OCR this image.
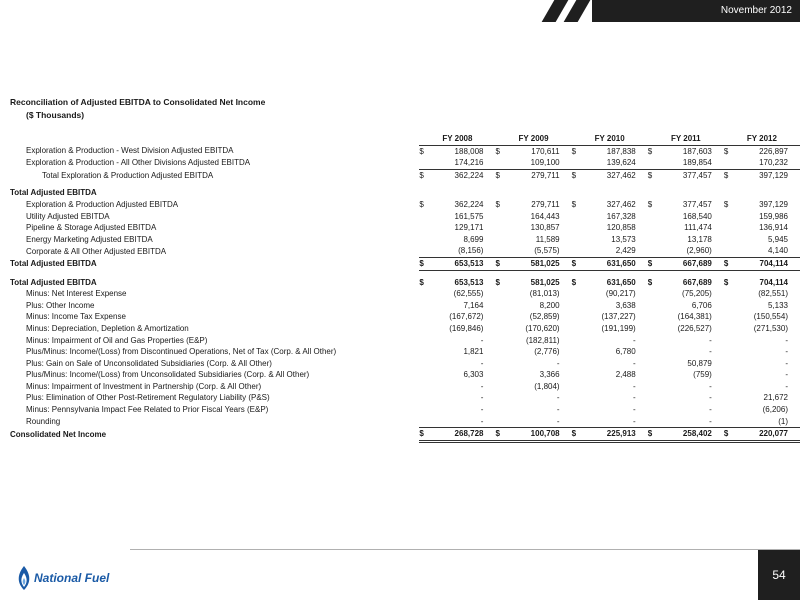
November 2012
Reconciliation of Adjusted EBITDA to Consolidated Net Income
($ Thousands)
	FY 2008		FY 2009		FY 2010		FY 2011		FY 2012	
Exploration & Production - West Division Adjusted EBITDA	$	188,008	$	170,611	$	187,838	$	187,603	$	226,897
Exploration & Production - All Other Divisions Adjusted EBITDA		174,216		109,100		139,624		189,854		170,232
Total Exploration & Production Adjusted EBITDA	$	362,224	$	279,711	$	327,462	$	377,457	$	397,129

Total Adjusted EBITDA										
Exploration & Production Adjusted EBITDA	$	362,224	$	279,711	$	327,462	$	377,457	$	397,129
Utility Adjusted EBITDA		161,575		164,443		167,328		168,540		159,986
Pipeline & Storage Adjusted EBITDA		129,171		130,857		120,858		111,474		136,914
Energy Marketing Adjusted EBITDA		8,699		11,589		13,573		13,178		5,945
Corporate & All Other Adjusted EBITDA		(8,156)		(5,575)		2,429		(2,960)		4,140
Total Adjusted EBITDA	$	653,513	$	581,025	$	631,650	$	667,689	$	704,114

Total Adjusted EBITDA	$	653,513	$	581,025	$	631,650	$	667,689	$	704,114
Minus: Net Interest Expense		(62,555)		(81,013)		(90,217)		(75,205)		(82,551)
Plus: Other Income		7,164		8,200		3,638		6,706		5,133
Minus: Income Tax Expense		(167,672)		(52,859)		(137,227)		(164,381)		(150,554)
Minus: Depreciation, Depletion & Amortization		(169,846)		(170,620)		(191,199)		(226,527)		(271,530)
Minus: Impairment of Oil and Gas Properties (E&P)		-		(182,811)		-		-		-
Plus/Minus: Income/(Loss) from Discontinued Operations, Net of Tax (Corp. & All Other)		1,821		(2,776)		6,780		-		-
Plus: Gain on Sale of Unconsolidated Subsidiaries (Corp. & All Other)		-		-		-		50,879		-
Plus/Minus: Income/(Loss) from Unconsolidated Subsidiaries (Corp. & All Other)		6,303		3,366		2,488		(759)		-
Minus: Impairment of Investment in Partnership (Corp. & All Other)		-		(1,804)		-		-		-
Plus: Elimination of Other Post-Retirement Regulatory Liability (P&S)		-		-		-		-		21,672
Minus: Pennsylvania Impact Fee Related to Prior Fiscal Years (E&P)		-		-		-		-		(6,206)
Rounding		-		-		-		-		(1)
Consolidated Net Income	$	268,728	$	100,708	$	225,913	$	258,402	$	220,077
National Fuel	54
